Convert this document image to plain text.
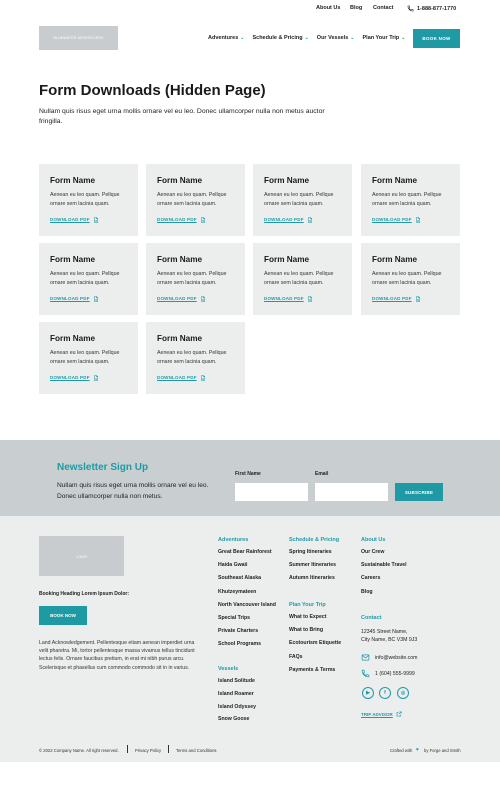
About Us Blog Contact	1-888-877-1770
BLUEWATER ADVENTURES	Adventures ⌄ Schedule & Pricing ⌄ Our Vessels ⌄ Plan Your Trip ⌄	BOOK NOW
Form Downloads (Hidden Page)

Nullam quis risus eget urna mollis ornare vel eu leo. Donec ullamcorper nulla non metus auctor fringilla.

Form Name
Aenean eu leo quam. Pellque ornare sem lacinia quam.
DOWNLOAD PDF
Form Name
Aenean eu leo quam. Pellque ornare sem lacinia quam.
DOWNLOAD PDF
Form Name
Aenean eu leo quam. Pellque ornare sem lacinia quam.
DOWNLOAD PDF
Form Name
Aenean eu leo quam. Pellque ornare sem lacinia quam.
DOWNLOAD PDF
Form Name
Aenean eu leo quam. Pellque ornare sem lacinia quam.
DOWNLOAD PDF
Form Name
Aenean eu leo quam. Pellque ornare sem lacinia quam.
DOWNLOAD PDF
Form Name
Aenean eu leo quam. Pellque ornare sem lacinia quam.
DOWNLOAD PDF
Form Name
Aenean eu leo quam. Pellque ornare sem lacinia quam.
DOWNLOAD PDF
Form Name
Aenean eu leo quam. Pellque ornare sem lacinia quam.
DOWNLOAD PDF
Form Name
Aenean eu leo quam. Pellque ornare sem lacinia quam.
DOWNLOAD PDF
Newsletter Sign Up
Nullam quis risus eget urna mollis ornare vel eu leo. Donec ullamcorper nulla non metus.
First Name	Email
SUBSCRIBE
LOGO
Booking Heading Lorem Ipsum Dolor:
BOOK NOW
Land Acknowledgement. Pellentesque etiam aenean imperdiet urna velit pharetra. Mi, tortor pellentesque massa vivamus tellus tincidunt lectus felis. Ornare faucibus pretium, in erat mi nibh purus arcu. Scelerisque et phasellus cum commodo commodo sit in in varius.
Adventures
Great Bear Rainforest
Haida Gwaii
Southeast Alaska
Khutzeymateen
North Vancouver Island
Special Trips
Private Charters
School Programs
Vessels
Island Solitude
Island Roamer
Island Odyssey
Snow Goose
Schedule & Pricing
Spring Itineraries
Summer Itineraries
Autumn Itineraries
Plan Your Trip
What to Expect
What to Bring
Ecotourism Etiquette
FAQs
Payments & Terms
About Us
Our Crew
Sustainable Travel
Careers
Blog
Contact
12345 Street Name,
City Name, BC V3M 9J3
info@website.com
1 (604) 555-9999
▶	f	◎
TRIP ADVISOR
© 2022 Company Name. All right reserved.	Privacy Policy	Terms and Conditions	Crafted with ♥ by Forge and Smith
